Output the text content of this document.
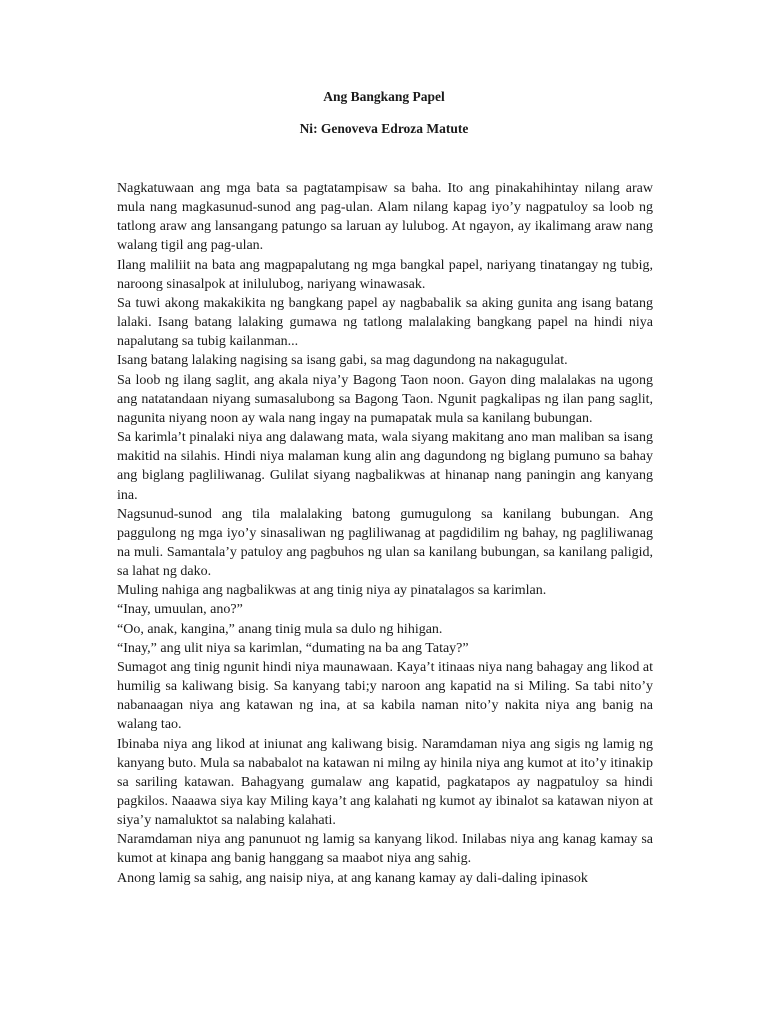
Ang Bangkang Papel
Ni: Genoveva Edroza Matute

Nagkatuwaan ang mga bata sa pagtatampisaw sa baha. Ito ang pinakahihintay nilang araw mula nang magkasunud-sunod ang pag-ulan. Alam nilang kapag iyo’y nagpatuloy sa loob ng tatlong araw ang lansangang patungo sa laruan ay lulubog. At ngayon, ay ikalimang araw nang walang tigil ang pag-ulan.

Ilang maliliit na bata ang magpapalutang ng mga bangkal papel, nariyang tinatangay ng tubig, naroong sinasalpok at inilulubog, nariyang winawasak.

Sa tuwi akong makakikita ng bangkang papel ay nagbabalik sa aking gunita ang isang batang lalaki. Isang batang lalaking gumawa ng tatlong malalaking bangkang papel na hindi niya napalutang sa tubig kailanman...

Isang batang lalaking nagising sa isang gabi, sa mag dagundong na nakagugulat.

Sa loob ng ilang saglit, ang akala niya’y Bagong Taon noon. Gayon ding malalakas na ugong ang natatandaan niyang sumasalubong sa Bagong Taon. Ngunit pagkalipas ng ilan pang saglit, nagunita niyang noon ay wala nang ingay na pumapatak mula sa kanilang bubungan.

Sa karimla’t pinalaki niya ang dalawang mata, wala siyang makitang ano man maliban sa isang makitid na silahis. Hindi niya malaman kung alin ang dagundong ng biglang pumuno sa bahay ang biglang pagliliwanag. Gulilat siyang nagbalikwas at hinanap nang paningin ang kanyang ina.

Nagsunud-sunod ang tila malalaking batong gumugulong sa kanilang bubungan. Ang paggulong ng mga iyo’y sinasaliwan ng pagliliwanag at pagdidilim ng bahay, ng pagliliwanag na muli. Samantala’y patuloy ang pagbuhos ng ulan sa kanilang bubungan, sa kanilang paligid, sa lahat ng dako.

Muling nahiga ang nagbalikwas at ang tinig niya ay pinatalagos sa karimlan.

“Inay, umuulan, ano?”

“Oo, anak, kangina,” anang tinig mula sa dulo ng hihigan.

“Inay,” ang ulit niya sa karimlan, “dumating na ba ang Tatay?”

Sumagot ang tinig ngunit hindi niya maunawaan. Kaya’t itinaas niya nang bahagay ang likod at humilig sa kaliwang bisig. Sa kanyang tabi;y naroon ang kapatid na si Miling. Sa tabi nito’y nabanaagan niya ang katawan ng ina, at sa kabila naman nito’y nakita niya ang banig na walang tao.

Ibinaba niya ang likod at iniunat ang kaliwang bisig. Naramdaman niya ang sigis ng lamig ng kanyang buto. Mula sa nababalot na katawan ni milng ay hinila niya ang kumot at ito’y itinakip sa sariling katawan. Bahagyang gumalaw ang kapatid, pagkatapos ay nagpatuloy sa hindi pagkilos. Naaawa siya kay Miling kaya’t ang kalahati ng kumot ay ibinalot sa katawan niyon at siya’y namaluktot sa nalabing kalahati.

Naramdaman niya ang panunuot ng lamig sa kanyang likod. Inilabas niya ang kanag kamay sa kumot at kinapa ang banig hanggang sa maabot niya ang sahig.

Anong lamig sa sahig, ang naisip niya, at ang kanang kamay ay dali-daling ipinasok
